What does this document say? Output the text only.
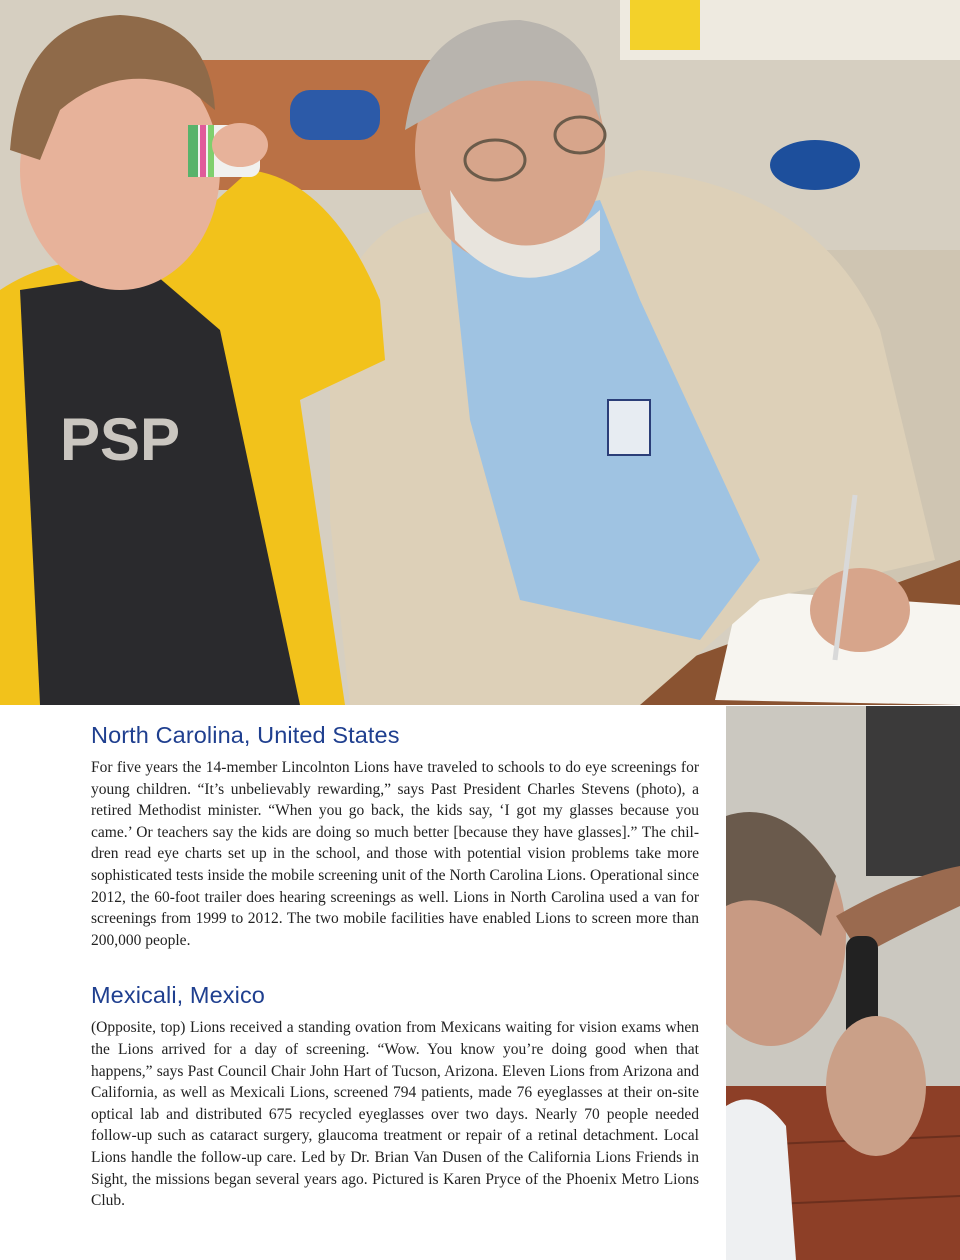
PSP
North Carolina, United States

For five years the 14-member Lincolnton Lions have traveled to schools to do eye screenings for young children. “It’s unbelievably rewarding,” says Past President Charles Stevens (photo), a retired Methodist minister. “When you go back, the kids say, ‘I got my glasses because you came.’ Or teachers say the kids are doing so much better [because they have glasses].” The children read eye charts set up in the school, and those with potential vision problems take more sophisticated tests inside the mobile screening unit of the North Carolina Lions. Operational since 2012, the 60-foot trailer does hearing screenings as well. Lions in North Carolina used a van for screenings from 1999 to 2012. The two mobile facilities have enabled Lions to screen more than 200,000 people.

Mexicali, Mexico

(Opposite, top) Lions received a standing ovation from Mexicans waiting for vision exams when the Lions arrived for a day of screening. “Wow. You know you’re doing good when that happens,” says Past Council Chair John Hart of Tucson, Arizona. Eleven Lions from Arizona and California, as well as Mexicali Lions, screened 794 patients, made 76 eyeglasses at their on-site optical lab and distributed 675 recycled eyeglasses over two days. Nearly 70 people needed follow-up such as cataract surgery, glaucoma treatment or repair of a retinal detachment. Local Lions handle the follow-up care. Led by Dr. Brian Van Dusen of the California Lions Friends in Sight, the missions began several years ago. Pictured is Karen Pryce of the Phoenix Metro Lions Club.
